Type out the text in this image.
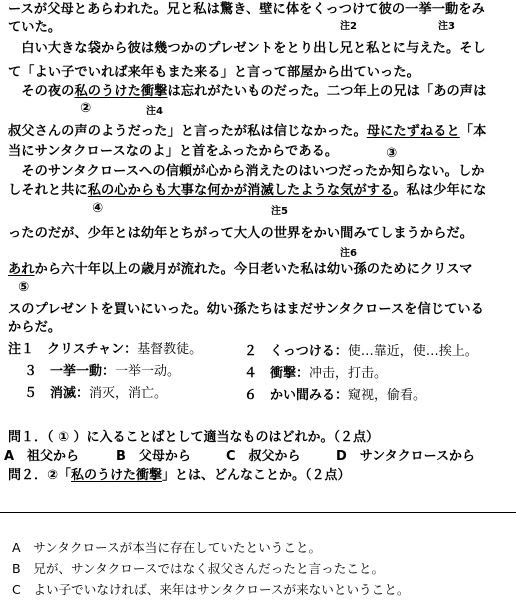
ースが父母とあらわれた。兄と私は驚き、壁に体をくっつけて彼の一挙一動をみ
注2	注3
ていた。
　白い大きな袋から彼は幾つかのプレゼントをとり出し兄と私とに与えた。そし
て「よい子でいれば来年もまた来る」と言って部屋から出ていった。
　その夜の私のうけた衝撃は忘れがたいものだった。二つ年上の兄は「あの声は
②	注4
叔父さんの声のようだった」と言ったが私は信じなかった。母にたずねると「本
当にサンタクロースなのよ」と首をふったからである。	③
　そのサンタクロースへの信頼が心から消えたのはいつだったか知らない。しか
しそれと共に私の心からも大事な何かが消滅したような気がする。私は少年にな
④	注5
ったのだが、少年とは幼年とちがって大人の世界をかい間みてしまうからだ。
注6
あれから六十年以上の歳月が流れた。今日老いた私は幼い孫のためにクリスマ
⑤
スのプレゼントを買いにいった。幼い孫たちはまだサンタクロースを信じている
からだ。
注１　クリスチャン：基督教徒。	２　くっつける：使…靠近，使…挨上。
３　一挙一動：一举一动。	４　衝撃：冲击，打击。
５　消滅：消灭，消亡。	６　かい間みる：窥视，偷看。
問１．（ ① ）に入ることばとして適当なものはどれか。（２点）
A　祖父から	B　父母から	C　叔父から	D　サンタクロースから
問２．②「私のうけた衝撃」とは、どんなことか。（２点）
A　サンタクロースが本当に存在していたということ。
B　兄が、サンタクロースではなく叔父さんだったと言ったこと。
C　よい子でいなければ、来年はサンタクロースが来ないということ。
